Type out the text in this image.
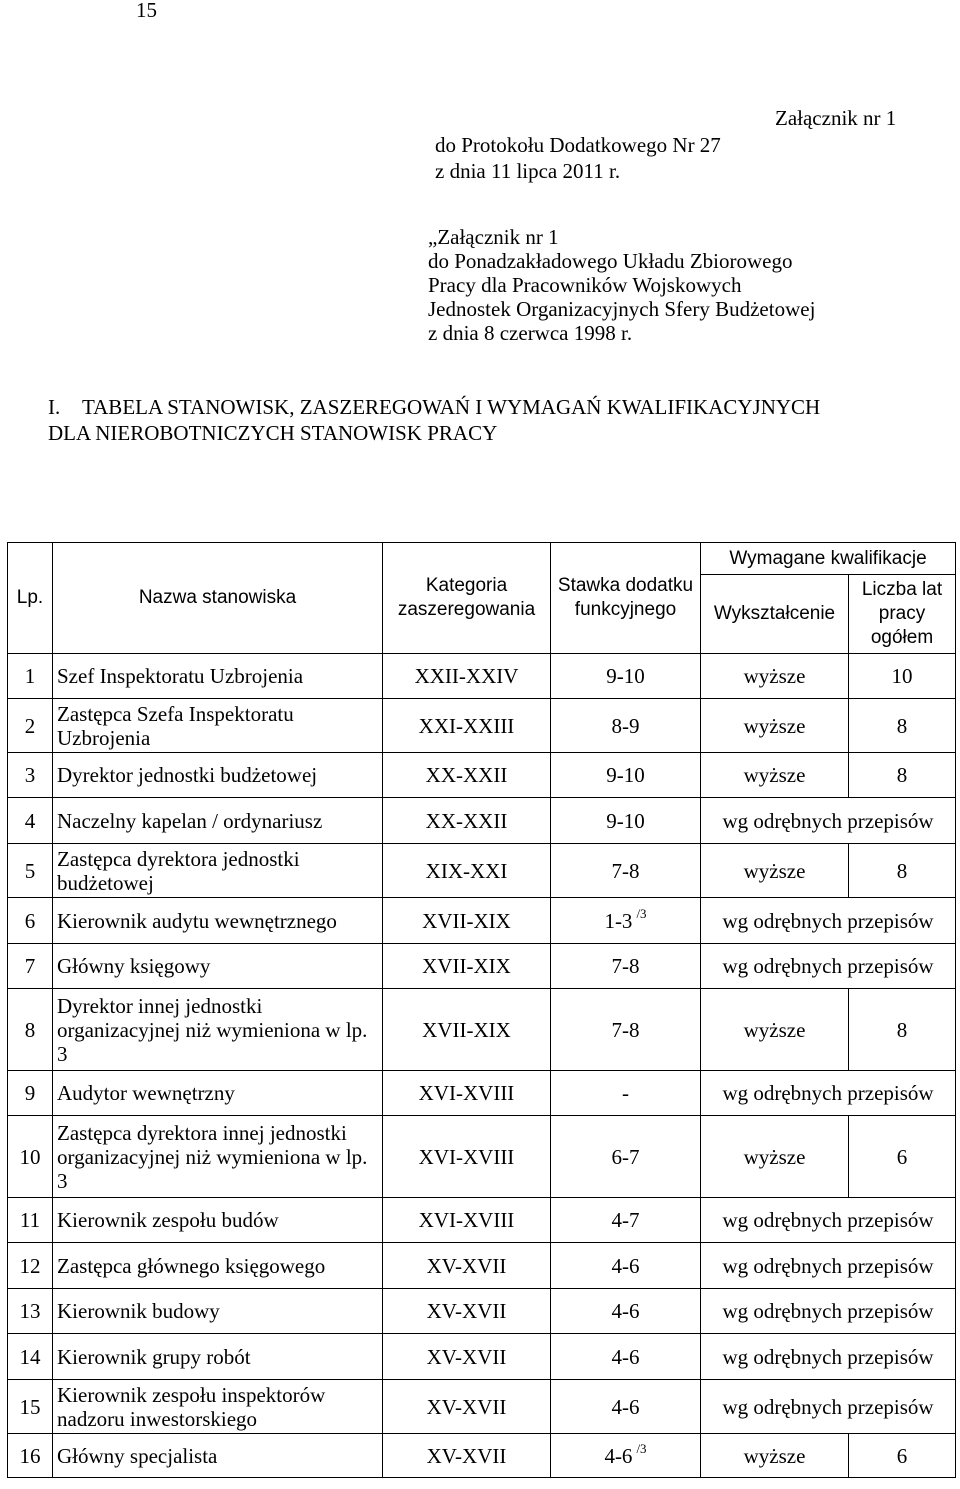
15
Załącznik nr 1
do Protokołu Dodatkowego Nr 27
z dnia 11 lipca 2011 r.
„Załącznik nr 1
do Ponadzakładowego Układu Zbiorowego
Pracy dla Pracowników Wojskowych
Jednostek Organizacyjnych Sfery Budżetowej
z dnia 8 czerwca 1998 r.
I. TABELA STANOWISK, ZASZEREGOWAŃ I WYMAGAŃ KWALIFIKACYJNYCH
DLA NIEROBOTNICZYCH STANOWISK PRACY
Lp.	Nazwa stanowiska	Kategoria zaszeregowania	Stawka dodatku funkcyjnego	Wymagane kwalifikacje	
				Wykształcenie	Liczba lat pracy ogółem
1	Szef Inspektoratu Uzbrojenia	XXII-XXIV	9-10	wyższe	10
2	Zastępca Szefa Inspektoratu Uzbrojenia	XXI-XXIII	8-9	wyższe	8
3	Dyrektor jednostki budżetowej	XX-XXII	9-10	wyższe	8
4	Naczelny kapelan / ordynariusz	XX-XXII	9-10	wg odrębnych przepisów	
5	Zastępca dyrektora jednostki budżetowej	XIX-XXI	7-8	wyższe	8
6	Kierownik audytu wewnętrznego	XVII-XIX	1-3 $^{/3}$	wg odrębnych przepisów	
7	Główny księgowy	XVII-XIX	7-8	wg odrębnych przepisów	
8	Dyrektor innej jednostki organizacyjnej niż wymieniona w lp. 3	XVII-XIX	7-8	wyższe	8
9	Audytor wewnętrzny	XVI-XVIII	-	wg odrębnych przepisów	
10	Zastępca dyrektora innej jednostki organizacyjnej niż wymieniona w lp. 3	XVI-XVIII	6-7	wyższe	6
11	Kierownik zespołu budów	XVI-XVIII	4-7	wg odrębnych przepisów	
12	Zastępca głównego księgowego	XV-XVII	4-6	wg odrębnych przepisów	
13	Kierownik budowy	XV-XVII	4-6	wg odrębnych przepisów	
14	Kierownik grupy robót	XV-XVII	4-6	wg odrębnych przepisów	
15	Kierownik zespołu inspektorów nadzoru inwestorskiego	XV-XVII	4-6	wg odrębnych przepisów	
16	Główny specjalista	XV-XVII	4-6 $^{/3}$	wyższe	6
